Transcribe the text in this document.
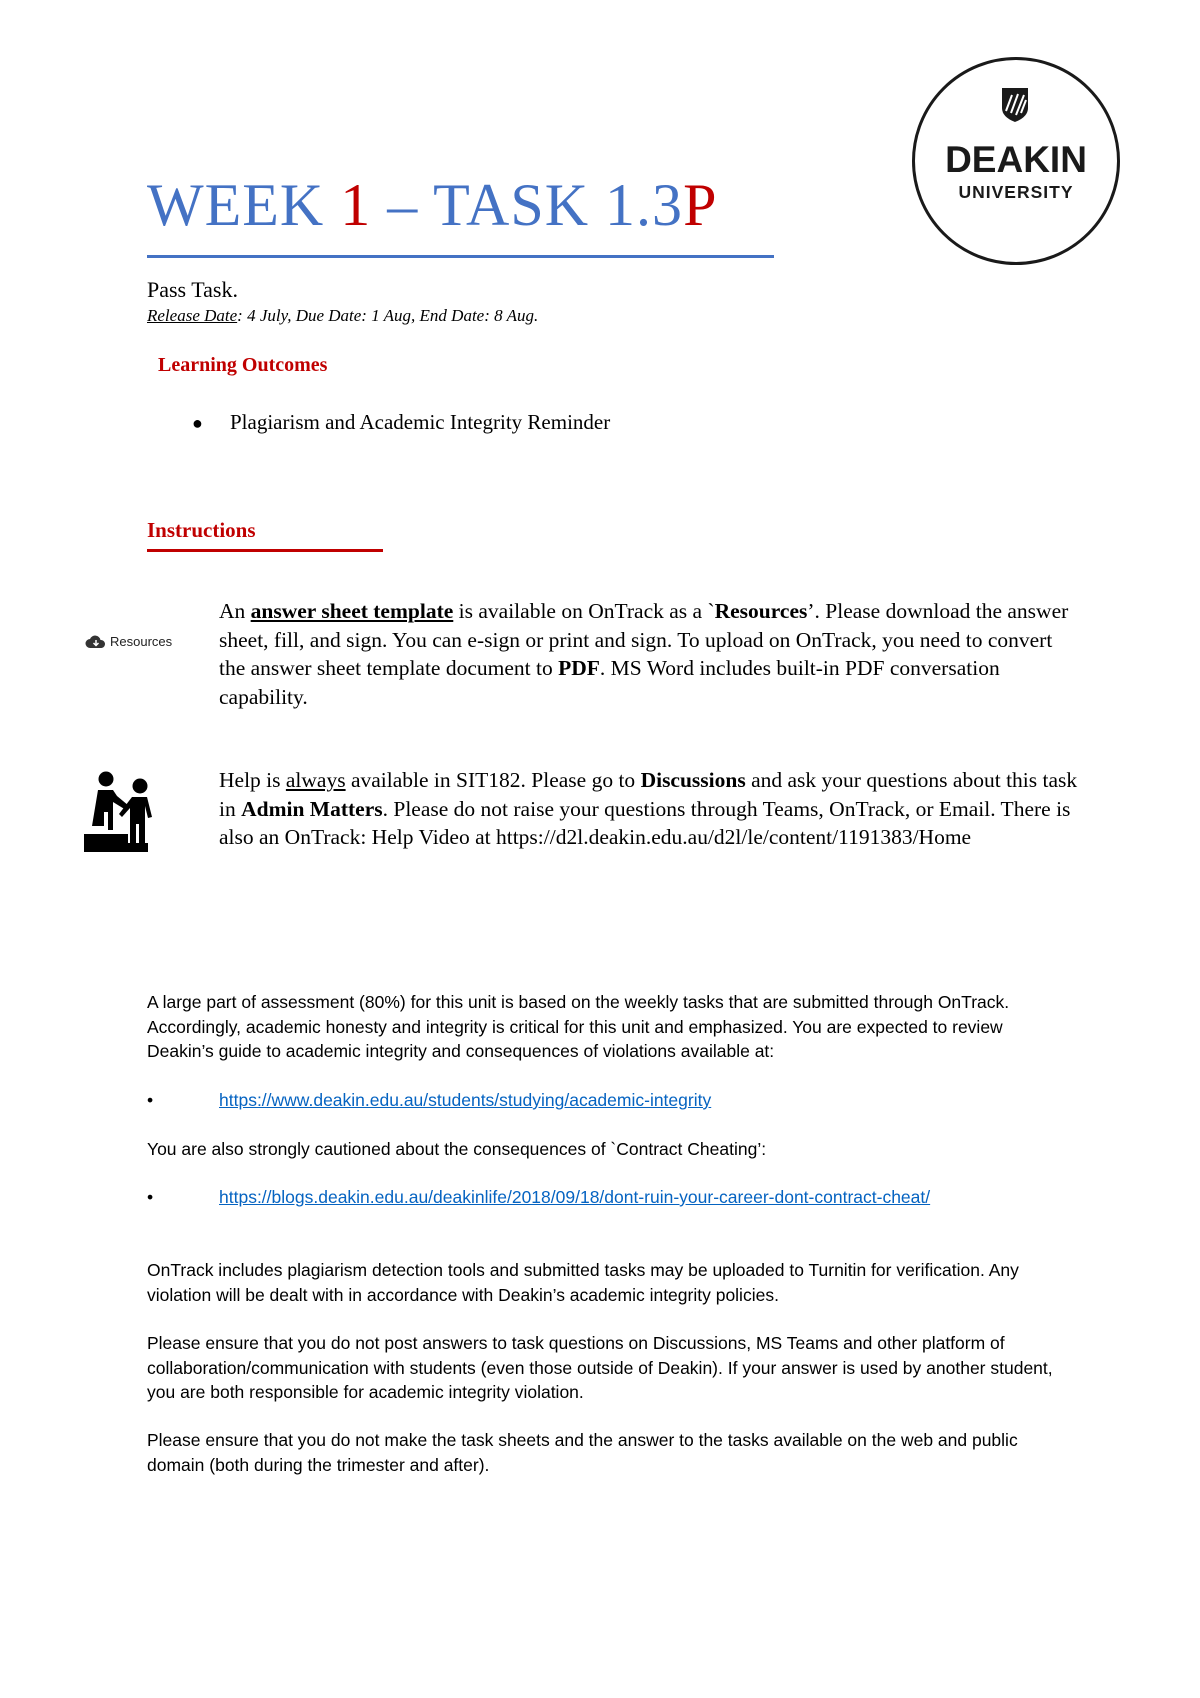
DEAKIN
UNIVERSITY
WEEK 1 – TASK 1.3P
Pass Task.
Release Date: 4 July, Due Date: 1 Aug, End Date: 8 Aug.
Learning Outcomes
● Plagiarism and Academic Integrity Reminder
Instructions
Resources
An answer sheet template is available on OnTrack as a `Resources’. Please download the answer sheet, fill, and sign. You can e-sign or print and sign. To upload on OnTrack, you need to convert the answer sheet template document to PDF. MS Word includes built-in PDF conversation capability.
Help is always available in SIT182. Please go to Discussions and ask your questions about this task in Admin Matters. Please do not raise your questions through Teams, OnTrack, or Email. There is also an OnTrack: Help Video at https://d2l.deakin.edu.au/d2l/le/content/1191383/Home
A large part of assessment (80%) for this unit is based on the weekly tasks that are submitted through OnTrack. Accordingly, academic honesty and integrity is critical for this unit and emphasized. You are expected to review Deakin’s guide to academic integrity and consequences of violations available at:
•	https://www.deakin.edu.au/students/studying/academic-integrity
You are also strongly cautioned about the consequences of `Contract Cheating’:
•	https://blogs.deakin.edu.au/deakinlife/2018/09/18/dont-ruin-your-career-dont-contract-cheat/
OnTrack includes plagiarism detection tools and submitted tasks may be uploaded to Turnitin for verification. Any violation will be dealt with in accordance with Deakin’s academic integrity policies.
Please ensure that you do not post answers to task questions on Discussions, MS Teams and other platform of collaboration/communication with students (even those outside of Deakin). If your answer is used by another student, you are both responsible for academic integrity violation.
Please ensure that you do not make the task sheets and the answer to the tasks available on the web and public domain (both during the trimester and after).
